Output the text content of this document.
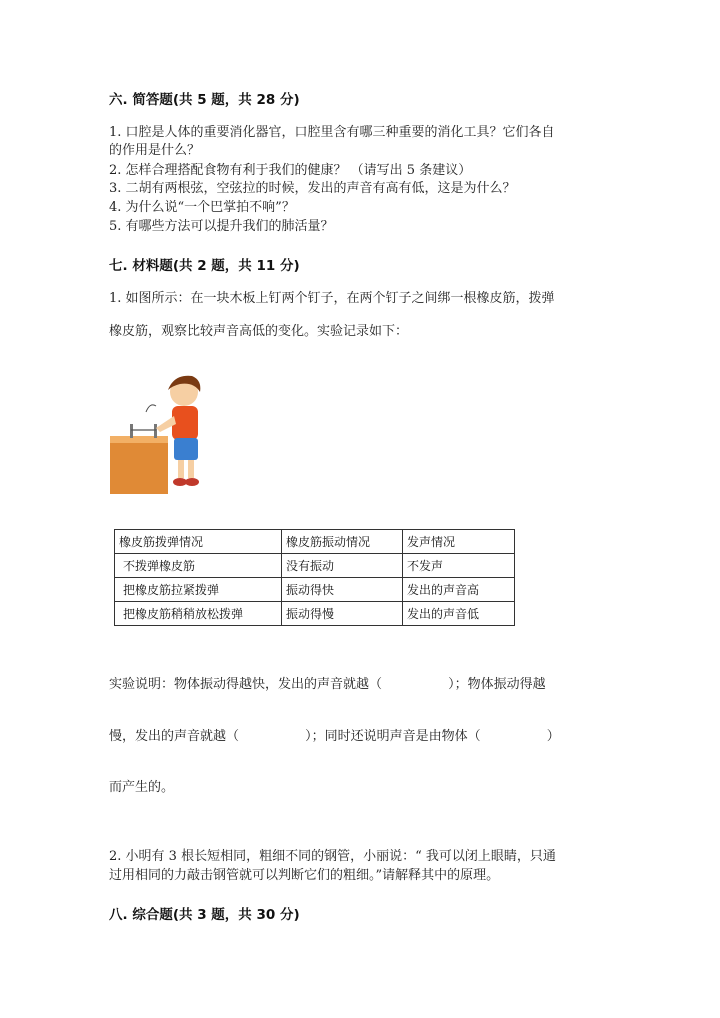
六. 简答题(共 5 题，共 28 分)
1. 口腔是人体的重要消化器官，口腔里含有哪三种重要的消化工具？它们各自
的作用是什么？
2. 怎样合理搭配食物有利于我们的健康？ （请写出 5 条建议）
3. 二胡有两根弦，空弦拉的时候，发出的声音有高有低，这是为什么？
4. 为什么说“一个巴掌拍不响”？
5. 有哪些方法可以提升我们的肺活量？
七. 材料题(共 2 题，共 11 分)
1. 如图所示：在一块木板上钉两个钉子，在两个钉子之间绑一根橡皮筋，拨弹
橡皮筋，观察比较声音高低的变化。实验记录如下：
橡皮筋拨弹情况	橡皮筋振动情况	发声情况
不拨弹橡皮筋	没有振动	不发声
把橡皮筋拉紧拨弹	振动得快	发出的声音高
把橡皮筋稍稍放松拨弹	振动得慢	发出的声音低
实验说明：物体振动得越快，发出的声音就越（                ）；物体振动得越
慢，发出的声音就越（                ）；同时还说明声音是由物体（                ）
而产生的。
2. 小明有 3 根长短相同，粗细不同的钢管，小丽说：“ 我可以闭上眼睛，只通
过用相同的力敲击钢管就可以判断它们的粗细。”请解释其中的原理。
八. 综合题(共 3 题，共 30 分)
